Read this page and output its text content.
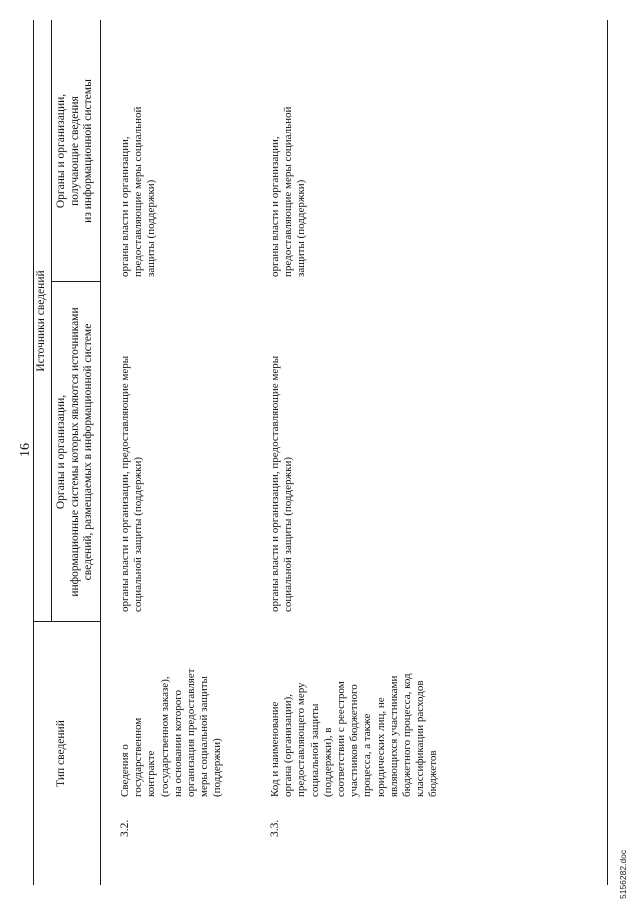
16
Тип сведений
Источники сведений
Органы и организации, информационные системы которых являются источниками сведений, размещаемых в информационной системе
Органы и организации, получающие сведения из информационной системы
3.2.
Сведения о государственном контракте (государственном заказе), на основании которого организация предоставляет меры социальной защиты (поддержки)
органы власти и организации, предоставляющие меры социальной защиты (поддержки)
органы власти и организации, предоставляющие меры социальной защиты (поддержки)
3.3.
Код и наименование органа (организации), предоставляющего меру социальной защиты (поддержки), в соответствии с реестром участников бюджетного процесса, а также юридических лиц, не являющихся участниками бюджетного процесса, код классификации расходов бюджетов
органы власти и организации, предоставляющие меры социальной защиты (поддержки)
органы власти и организации, предоставляющие меры социальной защиты (поддержки)
5156282.doc
